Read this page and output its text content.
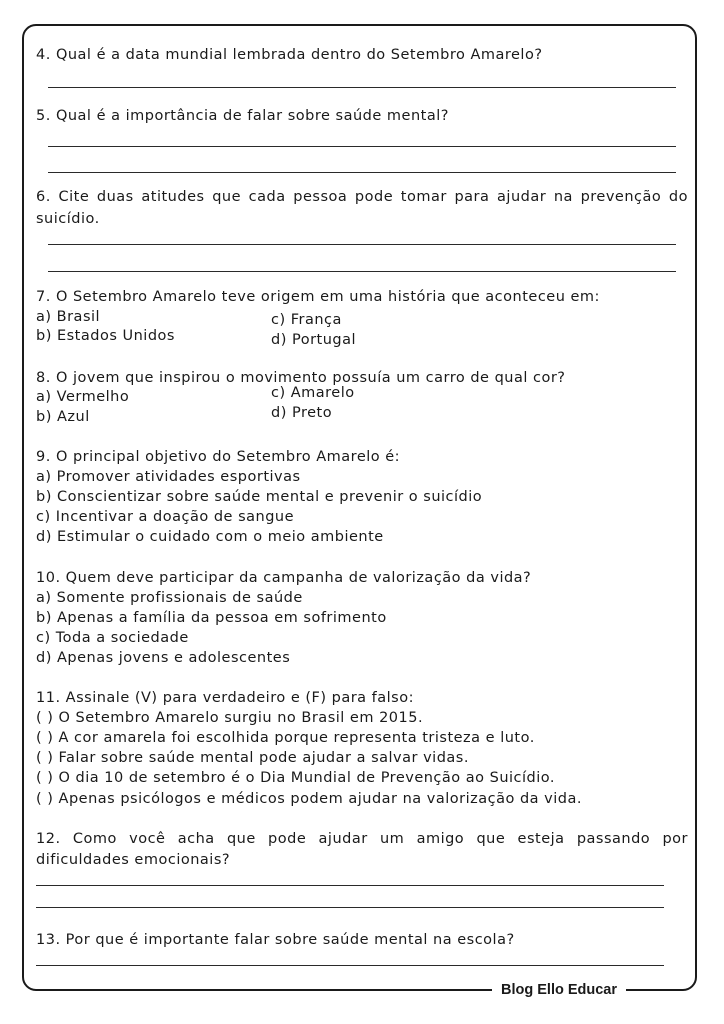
4. Qual é a data mundial lembrada dentro do Setembro Amarelo?

5. Qual é a importância de falar sobre saúde mental?

6. Cite duas atitudes que cada pessoa pode tomar para ajudar na prevenção do suicídio.

7. O Setembro Amarelo teve origem em uma história que aconteceu em:

a) Brasil

b) Estados Unidos

c) França

d) Portugal

8. O jovem que inspirou o movimento possuía um carro de qual cor?

a) Vermelho

b) Azul

c) Amarelo

d) Preto

9. O principal objetivo do Setembro Amarelo é:

a) Promover atividades esportivas

b) Conscientizar sobre saúde mental e prevenir o suicídio

c) Incentivar a doação de sangue

d) Estimular o cuidado com o meio ambiente

10. Quem deve participar da campanha de valorização da vida?

a) Somente profissionais de saúde

b) Apenas a família da pessoa em sofrimento

c) Toda a sociedade

d) Apenas jovens e adolescentes

11. Assinale (V) para verdadeiro e (F) para falso:

( ) O Setembro Amarelo surgiu no Brasil em 2015.

( ) A cor amarela foi escolhida porque representa tristeza e luto.

( ) Falar sobre saúde mental pode ajudar a salvar vidas.

( ) O dia 10 de setembro é o Dia Mundial de Prevenção ao Suicídio.

( ) Apenas psicólogos e médicos podem ajudar na valorização da vida.

12. Como você acha que pode ajudar um amigo que esteja passando por dificuldades emocionais?

13. Por que é importante falar sobre saúde mental na escola?

Blog Ello Educar
